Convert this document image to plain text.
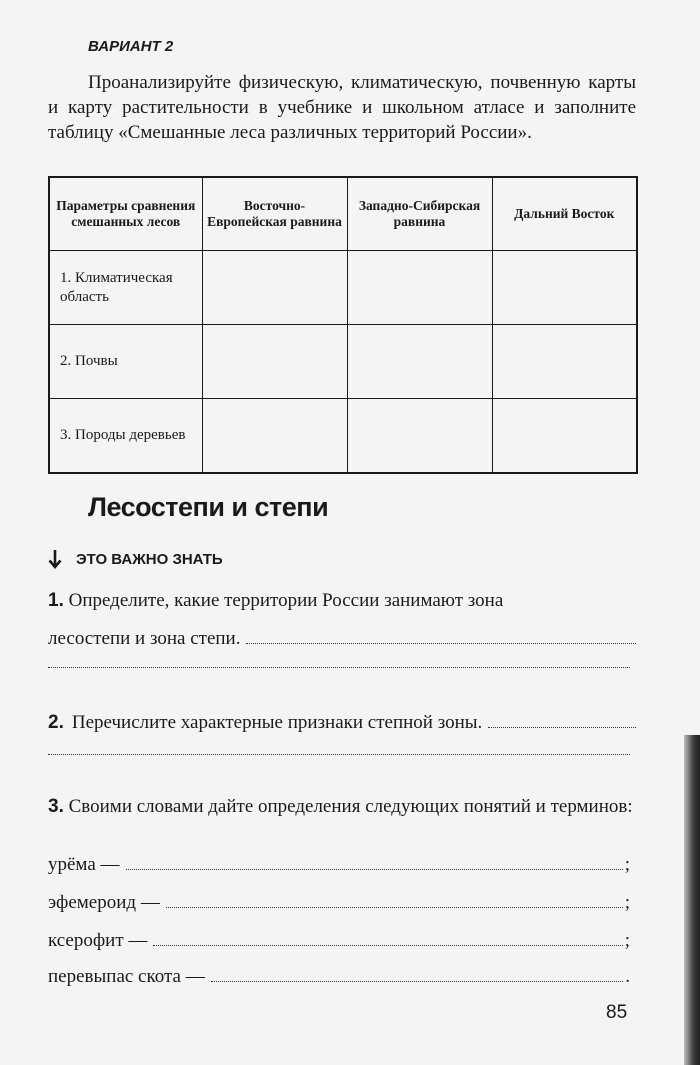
ВАРИАНТ 2

Проанализируйте физическую, климатическую, почвенную карты и карту растительности в учебнике и школьном атласе и заполните таблицу «Смешанные леса различных территорий России».

Параметры сравнения смешанных лесов	Восточно-Европейская равнина	Западно-Сибирская равнина	Дальний Восток
1. Климатическая область			
2. Почвы			
3. Породы деревьев			
Лесостепи и степи
ЭТО ВАЖНО ЗНАТЬ
1. Определите, какие территории России занимают зона
лесостепи и зона степи.
2. Перечислите характерные признаки степной зоны.
3. Своими словами дайте определения следующих понятий и терминов:
урёма —	;
эфемероид —	;
ксерофит —	;
перевыпас скота —	.
85
